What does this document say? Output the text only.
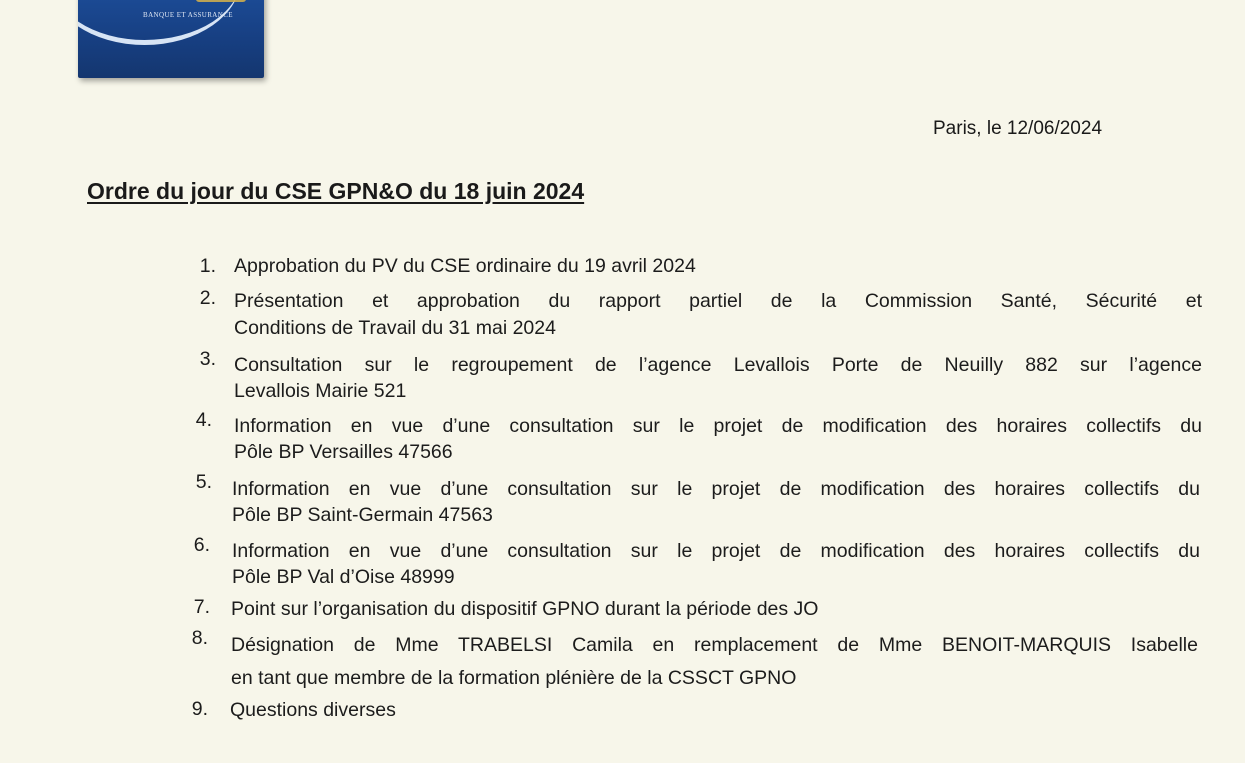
BANQUE ET ASSURANCE
Paris, le 12/06/2024
Ordre du jour du CSE GPN&O du 18 juin 2024
1. Approbation du PV du CSE ordinaire du 19 avril 2024
2. Présentation et approbation du rapport partiel de la Commission Santé, Sécurité et
Conditions de Travail du 31 mai 2024
3. Consultation sur le regroupement de l’agence Levallois Porte de Neuilly 882 sur l’agence
Levallois Mairie 521
4. Information en vue d’une consultation sur le projet de modification des horaires collectifs du
Pôle BP Versailles 47566
5. Information en vue d’une consultation sur le projet de modification des horaires collectifs du
Pôle BP Saint-Germain 47563
6. Information en vue d’une consultation sur le projet de modification des horaires collectifs du
Pôle BP Val d’Oise 48999
7. Point sur l’organisation du dispositif GPNO durant la période des JO
8. Désignation de Mme TRABELSI Camila en remplacement de Mme BENOIT-MARQUIS Isabelle
en tant que membre de la formation plénière de la CSSCT GPNO
9. Questions diverses
